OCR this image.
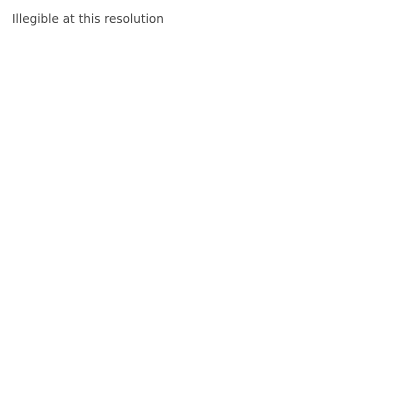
Illegible at this resolution
